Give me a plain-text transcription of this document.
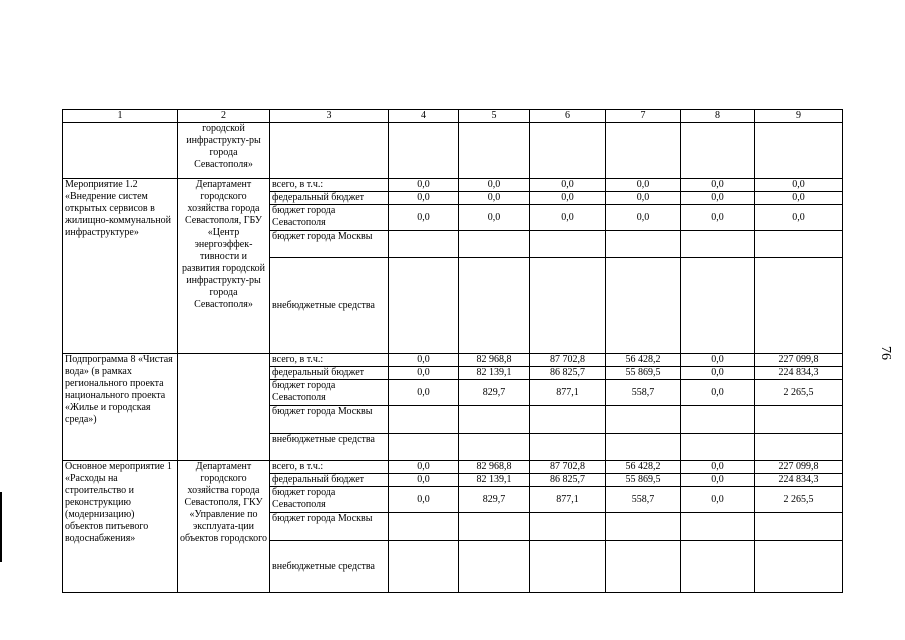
1	2	3	4	5	6	7	8	9
	городской инфраструкту-ры города Севастополя»							
Мероприятие 1.2 «Внедрение систем открытых сервисов в жилищно-коммунальной инфраструктуре»	Департамент городского хозяйства города Севастополя, ГБУ «Центр энергоэффек-тивности и развития городской инфраструкту-ры города Севастополя»	всего, в т.ч.:	0,0	0,0	0,0	0,0	0,0	0,0
		федеральный бюджет	0,0	0,0	0,0	0,0	0,0	0,0
		бюджет города Севастополя	0,0	0,0	0,0	0,0	0,0	0,0
		бюджет города Москвы						
		внебюджетные средства						
Подпрограмма 8 «Чистая вода» (в рамках регионального проекта национального проекта «Жилье и городская среда»)		всего, в т.ч.:	0,0	82 968,8	87 702,8	56 428,2	0,0	227 099,8
		федеральный бюджет	0,0	82 139,1	86 825,7	55 869,5	0,0	224 834,3
		бюджет города Севастополя	0,0	829,7	877,1	558,7	0,0	2 265,5
		бюджет города Москвы						
		внебюджетные средства						
Основное мероприятие 1 «Расходы на строительство и реконструкцию (модернизацию) объектов питьевого водоснабжения»	Департамент городского хозяйства города Севастополя, ГКУ «Управление по эксплуата-ции объектов городского	всего, в т.ч.:	0,0	82 968,8	87 702,8	56 428,2	0,0	227 099,8
		федеральный бюджет	0,0	82 139,1	86 825,7	55 869,5	0,0	224 834,3
		бюджет города Севастополя	0,0	829,7	877,1	558,7	0,0	2 265,5
		бюджет города Москвы						
		внебюджетные средства						
76
